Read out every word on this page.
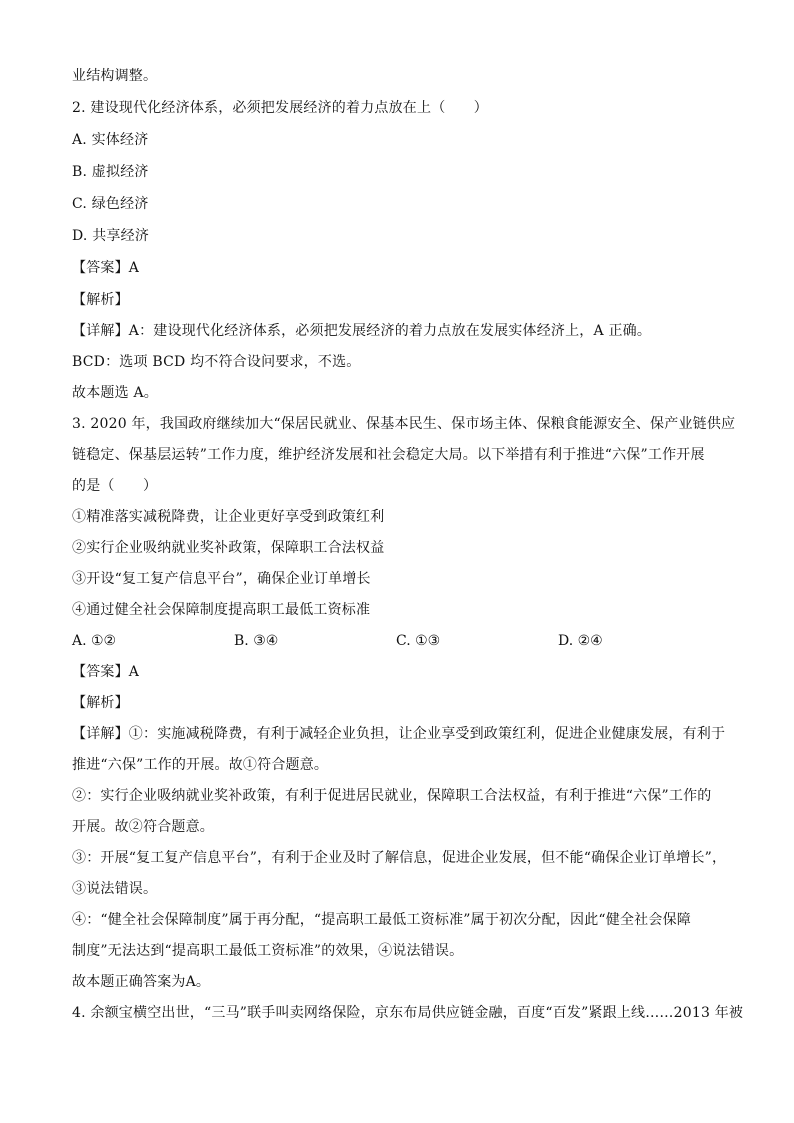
业结构调整。
2. 建设现代化经济体系，必须把发展经济的着力点放在上（　　）
A. 实体经济
B. 虚拟经济
C. 绿色经济
D. 共享经济
【答案】A
【解析】
【详解】A：建设现代化经济体系，必须把发展经济的着力点放在发展实体经济上，A 正确。
BCD：选项 BCD 均不符合设问要求，不选。
故本题选 A。
3. 2020 年，我国政府继续加大“保居民就业、保基本民生、保市场主体、保粮食能源安全、保产业链供应
链稳定、保基层运转”工作力度，维护经济发展和社会稳定大局。以下举措有利于推进“六保”工作开展
的是（　　）
①精准落实减税降费，让企业更好享受到政策红利
②实行企业吸纳就业奖补政策，保障职工合法权益
③开设“复工复产信息平台”，确保企业订单增长
④通过健全社会保障制度提高职工最低工资标准
A. ①②	B. ③④	C. ①③	D. ②④
【答案】A
【解析】
【详解】①：实施减税降费，有利于减轻企业负担，让企业享受到政策红利，促进企业健康发展，有利于
推进“六保”工作的开展。故①符合题意。
②：实行企业吸纳就业奖补政策，有利于促进居民就业，保障职工合法权益，有利于推进“六保”工作的
开展。故②符合题意。
③：开展“复工复产信息平台”，有利于企业及时了解信息，促进企业发展，但不能“确保企业订单增长”，
③说法错误。
④：“健全社会保障制度”属于再分配，“提高职工最低工资标准”属于初次分配，因此“健全社会保障
制度”无法达到“提高职工最低工资标准”的效果，④说法错误。
故本题正确答案为A。
4. 余额宝横空出世，“三马”联手叫卖网络保险，京东布局供应链金融，百度“百发”紧跟上线……2013 年被
